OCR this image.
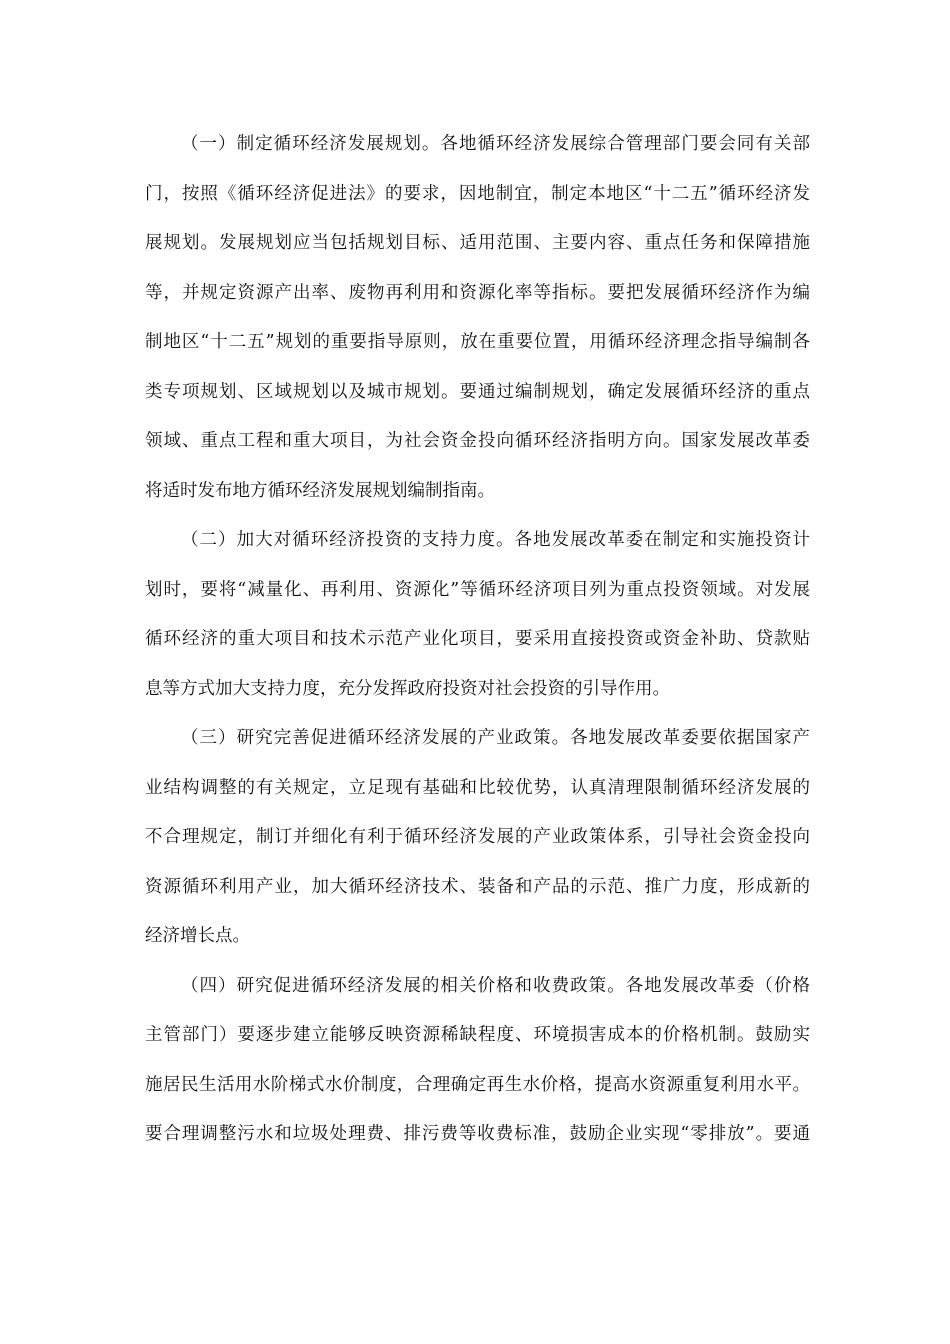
（一）制定循环经济发展规划。各地循环经济发展综合管理部门要会同有关部
门，按照《循环经济促进法》的要求，因地制宜，制定本地区“十二五”循环经济发
展规划。发展规划应当包括规划目标、适用范围、主要内容、重点任务和保障措施
等，并规定资源产出率、废物再利用和资源化率等指标。要把发展循环经济作为编
制地区“十二五”规划的重要指导原则，放在重要位置，用循环经济理念指导编制各
类专项规划、区域规划以及城市规划。要通过编制规划，确定发展循环经济的重点
领域、重点工程和重大项目，为社会资金投向循环经济指明方向。国家发展改革委
将适时发布地方循环经济发展规划编制指南。
（二）加大对循环经济投资的支持力度。各地发展改革委在制定和实施投资计
划时，要将“减量化、再利用、资源化”等循环经济项目列为重点投资领域。对发展
循环经济的重大项目和技术示范产业化项目，要采用直接投资或资金补助、贷款贴
息等方式加大支持力度，充分发挥政府投资对社会投资的引导作用。
（三）研究完善促进循环经济发展的产业政策。各地发展改革委要依据国家产
业结构调整的有关规定，立足现有基础和比较优势，认真清理限制循环经济发展的
不合理规定，制订并细化有利于循环经济发展的产业政策体系，引导社会资金投向
资源循环利用产业，加大循环经济技术、装备和产品的示范、推广力度，形成新的
经济增长点。
（四）研究促进循环经济发展的相关价格和收费政策。各地发展改革委（价格
主管部门）要逐步建立能够反映资源稀缺程度、环境损害成本的价格机制。鼓励实
施居民生活用水阶梯式水价制度，合理确定再生水价格，提高水资源重复利用水平。
要合理调整污水和垃圾处理费、排污费等收费标准，鼓励企业实现“零排放”。要通
